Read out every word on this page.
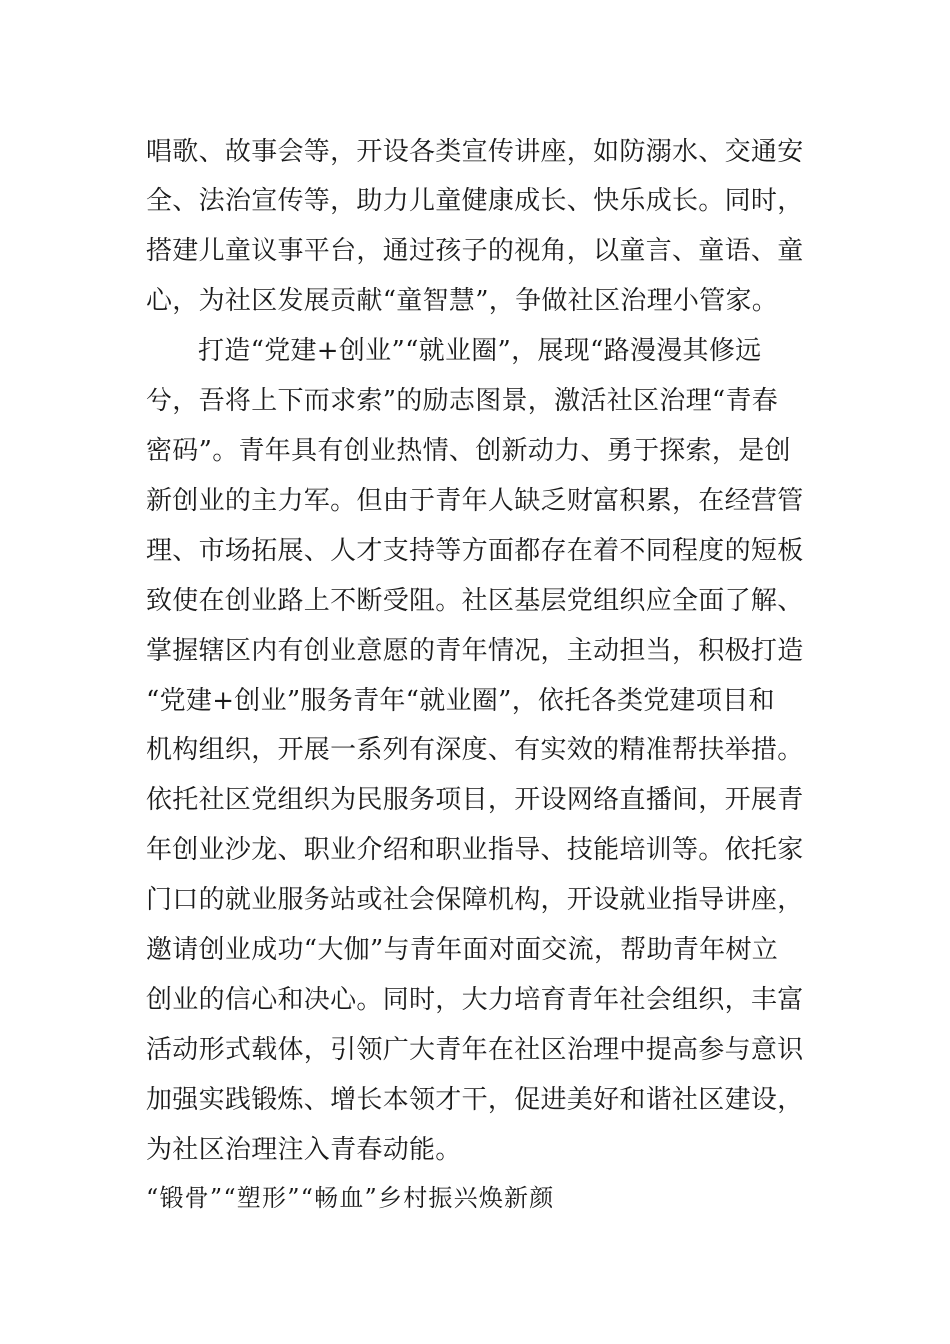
唱歌、故事会等，开设各类宣传讲座，如防溺水、交通安
全、法治宣传等，助力儿童健康成长、快乐成长。同时，
搭建儿童议事平台，通过孩子的视角，以童言、童语、童
心，为社区发展贡献“童智慧”，争做社区治理小管家。
打造“党建+创业”“就业圈”，展现“路漫漫其修远
兮，吾将上下而求索”的励志图景，激活社区治理“青春
密码”。青年具有创业热情、创新动力、勇于探索，是创
新创业的主力军。但由于青年人缺乏财富积累，在经营管
理、市场拓展、人才支持等方面都存在着不同程度的短板
致使在创业路上不断受阻。社区基层党组织应全面了解、
掌握辖区内有创业意愿的青年情况，主动担当，积极打造
“党建+创业”服务青年“就业圈”，依托各类党建项目和
机构组织，开展一系列有深度、有实效的精准帮扶举措。
依托社区党组织为民服务项目，开设网络直播间，开展青
年创业沙龙、职业介绍和职业指导、技能培训等。依托家
门口的就业服务站或社会保障机构，开设就业指导讲座，
邀请创业成功“大伽”与青年面对面交流，帮助青年树立
创业的信心和决心。同时，大力培育青年社会组织，丰富
活动形式载体，引领广大青年在社区治理中提高参与意识
加强实践锻炼、增长本领才干，促进美好和谐社区建设，
为社区治理注入青春动能。
“锻骨”“塑形”“畅血”乡村振兴焕新颜
